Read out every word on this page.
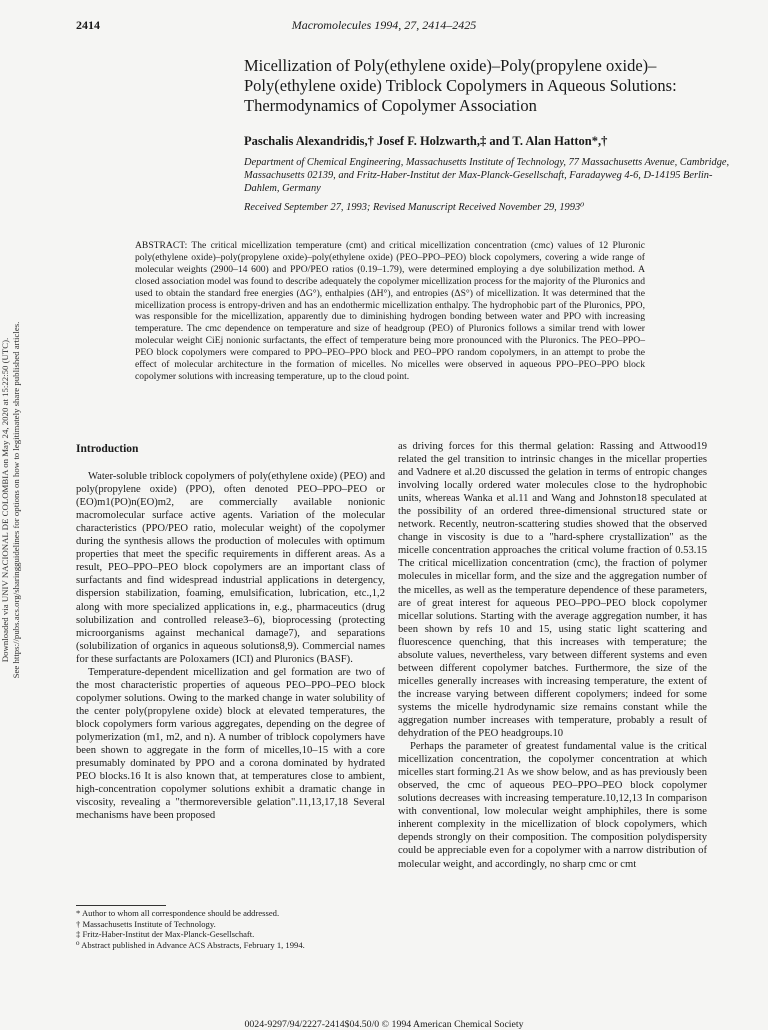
2414	Macromolecules 1994, 27, 2414–2425
Micellization of Poly(ethylene oxide)–Poly(propylene oxide)–Poly(ethylene oxide) Triblock Copolymers in Aqueous Solutions: Thermodynamics of Copolymer Association
Paschalis Alexandridis,† Josef F. Holzwarth,‡ and T. Alan Hatton*,†
Department of Chemical Engineering, Massachusetts Institute of Technology, 77 Massachusetts Avenue, Cambridge, Massachusetts 02139, and Fritz-Haber-Institut der Max-Planck-Gesellschaft, Faradayweg 4-6, D-14195 Berlin-Dahlem, Germany
Received September 27, 1993; Revised Manuscript Received November 29, 1993⁰
ABSTRACT: The critical micellization temperature (cmt) and critical micellization concentration (cmc) values of 12 Pluronic poly(ethylene oxide)–poly(propylene oxide)–poly(ethylene oxide) (PEO–PPO–PEO) block copolymers, covering a wide range of molecular weights (2900–14 600) and PPO/PEO ratios (0.19–1.79), were determined employing a dye solubilization method. A closed association model was found to describe adequately the copolymer micellization process for the majority of the Pluronics and used to obtain the standard free energies (ΔG°), enthalpies (ΔH°), and entropies (ΔS°) of micellization. It was determined that the micellization process is entropy-driven and has an endothermic micellization enthalpy. The hydrophobic part of the Pluronics, PPO, was responsible for the micellization, apparently due to diminishing hydrogen bonding between water and PPO with increasing temperature. The cmc dependence on temperature and size of headgroup (PEO) of Pluronics follows a similar trend with lower molecular weight CiEj nonionic surfactants, the effect of temperature being more pronounced with the Pluronics. The PEO–PPO–PEO block copolymers were compared to PPO–PEO–PPO block and PEO–PPO random copolymers, in an attempt to probe the effect of molecular architecture in the formation of micelles. No micelles were observed in aqueous PPO–PEO–PPO block copolymer solutions with increasing temperature, up to the cloud point.
Downloaded via UNIV NACIONAL DE COLOMBIA on May 24, 2020 at 15:22:50 (UTC). See https://pubs.acs.org/sharingguidelines for options on how to legitimately share published articles.	Introduction

Water-soluble triblock copolymers of poly(ethylene oxide) (PEO) and poly(propylene oxide) (PPO), often denoted PEO–PPO–PEO or (EO)m1(PO)n(EO)m2, are commercially available nonionic macromolecular surface active agents. Variation of the molecular characteristics (PPO/PEO ratio, molecular weight) of the copolymer during the synthesis allows the production of molecules with optimum properties that meet the specific requirements in different areas. As a result, PEO–PPO–PEO block copolymers are an important class of surfactants and find widespread industrial applications in detergency, dispersion stabilization, foaming, emulsification, lubrication, etc.,1,2 along with more specialized applications in, e.g., pharmaceutics (drug solubilization and controlled release3–6), bioprocessing (protecting microorganisms against mechanical damage7), and separations (solubilization of organics in aqueous solutions8,9). Commercial names for these surfactants are Poloxamers (ICI) and Pluronics (BASF).

Temperature-dependent micellization and gel formation are two of the most characteristic properties of aqueous PEO–PPO–PEO block copolymer solutions. Owing to the marked change in water solubility of the center poly(propylene oxide) block at elevated temperatures, the block copolymers form various aggregates, depending on the degree of polymerization (m1, m2, and n). A number of triblock copolymers have been shown to aggregate in the form of micelles,10–15 with a core presumably dominated by PPO and a corona dominated by hydrated PEO blocks.16 It is also known that, at temperatures close to ambient, high-concentration copolymer solutions exhibit a dramatic change in viscosity, revealing a "thermoreversible gelation".11,13,17,18 Several mechanisms have been proposed

as driving forces for this thermal gelation: Rassing and Attwood19 related the gel transition to intrinsic changes in the micellar properties and Vadnere et al.20 discussed the gelation in terms of entropic changes involving locally ordered water molecules close to the hydrophobic units, whereas Wanka et al.11 and Wang and Johnston18 speculated at the possibility of an ordered three-dimensional structured state or network. Recently, neutron-scattering studies showed that the observed change in viscosity is due to a "hard-sphere crystallization" as the micelle concentration approaches the critical volume fraction of 0.53.15 The critical micellization concentration (cmc), the fraction of polymer molecules in micellar form, and the size and the aggregation number of the micelles, as well as the temperature dependence of these parameters, are of great interest for aqueous PEO–PPO–PEO block copolymer micellar solutions. Starting with the average aggregation number, it has been shown by refs 10 and 15, using static light scattering and fluorescence quenching, that this increases with temperature; the absolute values, nevertheless, vary between different systems and even between different copolymer batches. Furthermore, the size of the micelles generally increases with increasing temperature, the extent of the increase varying between different copolymers; indeed for some systems the micelle hydrodynamic size remains constant while the aggregation number increases with temperature, probably a result of dehydration of the PEO headgroups.10

Perhaps the parameter of greatest fundamental value is the critical micellization concentration, the copolymer concentration at which micelles start forming.21 As we show below, and as has previously been observed, the cmc of aqueous PEO–PPO–PEO block copolymer solutions decreases with increasing temperature.10,12,13 In comparison with conventional, low molecular weight amphiphiles, there is some inherent complexity in the micellization of block copolymers, which depends strongly on their composition. The composition polydispersity could be appreciable even for a copolymer with a narrow distribution of molecular weight, and accordingly, no sharp cmc or cmt

* Author to whom all correspondence should be addressed.
† Massachusetts Institute of Technology.
‡ Fritz-Haber-Institut der Max-Planck-Gesellschaft.
⁰ Abstract published in Advance ACS Abstracts, February 1, 1994.
0024-9297/94/2227-2414$04.50/0 © 1994 American Chemical Society
